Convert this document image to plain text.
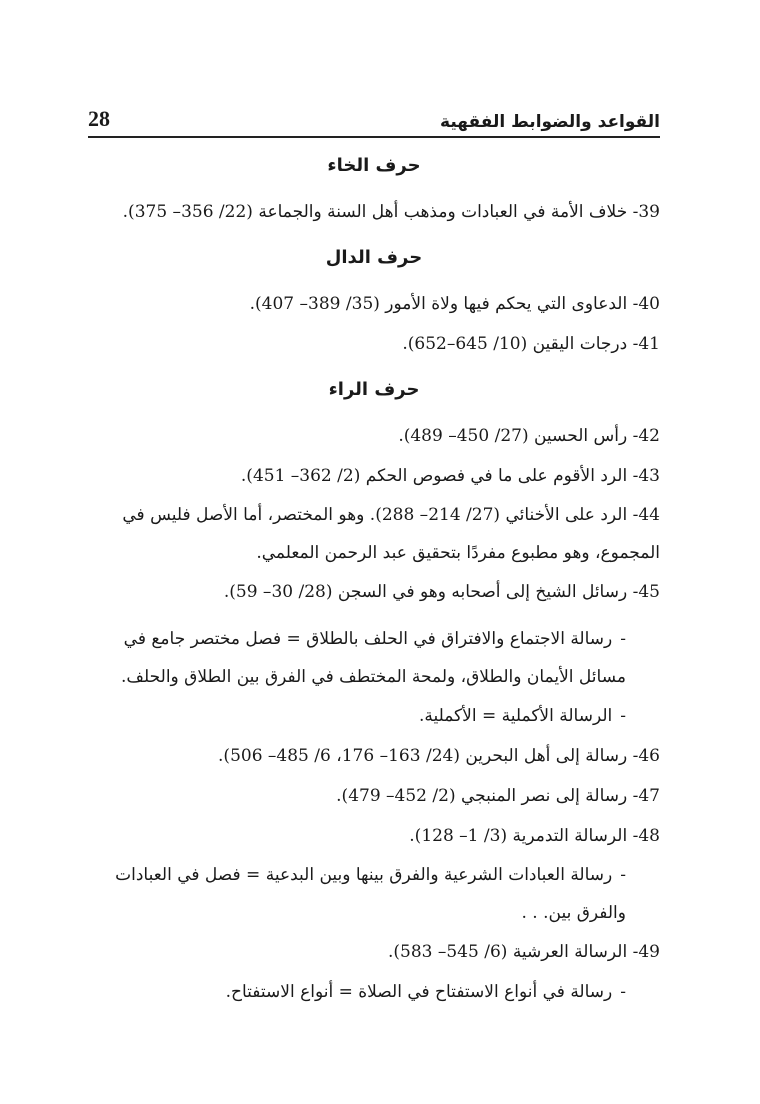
28	القواعد والضوابط الفقهية
حرف الخاء
39- خلاف الأمة في العبادات ومذهب أهل السنة والجماعة (22/ 356– 375).
حرف الدال
40- الدعاوى التي يحكم فيها ولاة الأمور (35/ 389– 407).
41- درجات اليقين (10/ 645–652).
حرف الراء
42- رأس الحسين (27/ 450– 489).
43- الرد الأقوم على ما في فصوص الحكم (2/ 362– 451).
44- الرد على الأخنائي (27/ 214– 288). وهو المختصر، أما الأصل فليس في المجموع، وهو مطبوع مفردًا بتحقيق عبد الرحمن المعلمي.
45- رسائل الشيخ إلى أصحابه وهو في السجن (28/ 30– 59).
-رسالة الاجتماع والافتراق في الحلف بالطلاق = فصل مختصر جامع في مسائل الأيمان والطلاق، ولمحة المختطف في الفرق بين الطلاق والحلف.
-الرسالة الأكملية = الأكملية.
46- رسالة إلى أهل البحرين (24/ 163– 176، 6/ 485– 506).
47- رسالة إلى نصر المنبجي (2/ 452– 479).
48- الرسالة التدمرية (3/ 1– 128).
-رسالة العبادات الشرعية والفرق بينها وبين البدعية = فصل في العبادات والفرق بين. . .
49- الرسالة العرشية (6/ 545– 583).
-رسالة في أنواع الاستفتاح في الصلاة = أنواع الاستفتاح.
